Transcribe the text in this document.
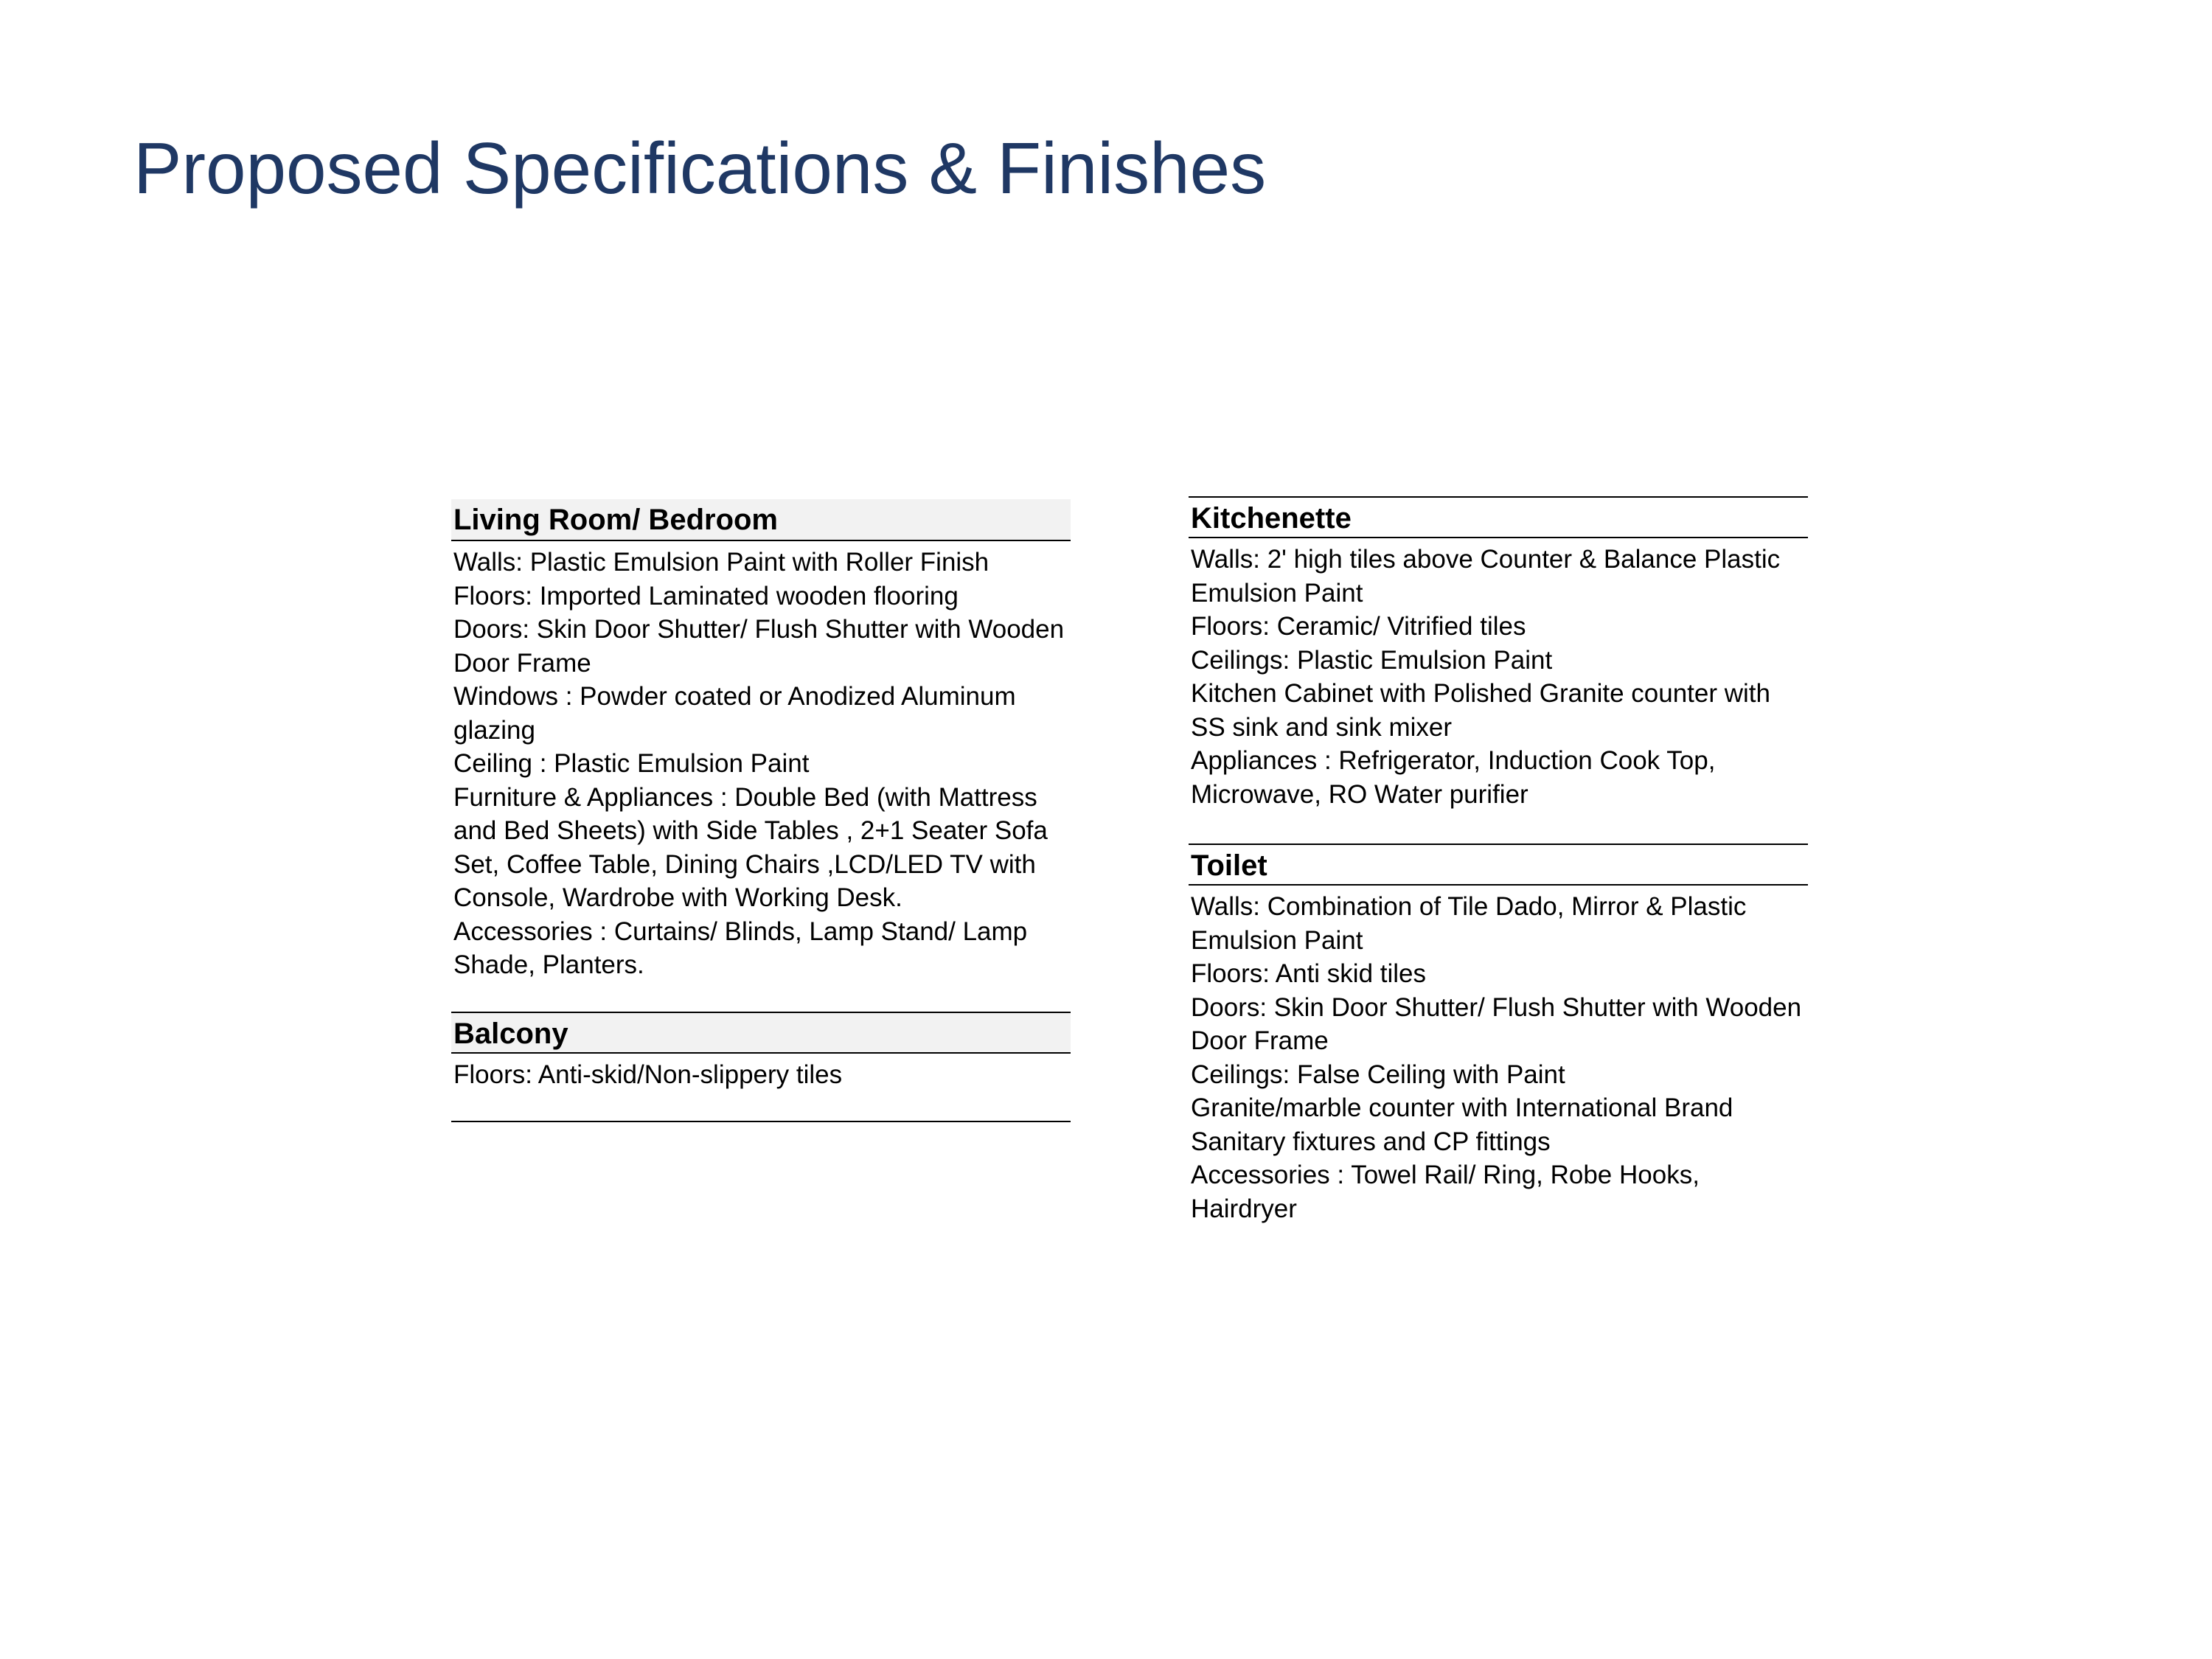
Proposed Specifications & Finishes
Living Room/ Bedroom

Walls: Plastic Emulsion Paint with Roller Finish

Floors: Imported Laminated wooden flooring

Doors: Skin Door Shutter/ Flush Shutter with Wooden Door Frame

Windows : Powder coated or Anodized Aluminum glazing

Ceiling : Plastic Emulsion Paint

Furniture & Appliances : Double Bed (with Mattress and Bed Sheets) with Side Tables , 2+1 Seater Sofa Set, Coffee Table, Dining Chairs ,LCD/LED TV with Console, Wardrobe with Working Desk.

Accessories : Curtains/ Blinds, Lamp Stand/ Lamp Shade, Planters.

Balcony

Floors: Anti-skid/Non-slippery tiles

Kitchenette

Walls: 2' high tiles above Counter & Balance Plastic Emulsion Paint

Floors: Ceramic/ Vitrified tiles

Ceilings: Plastic Emulsion Paint

Kitchen Cabinet with Polished Granite counter with SS sink and sink mixer

Appliances : Refrigerator, Induction Cook Top, Microwave, RO Water purifier

Toilet

Walls: Combination of Tile Dado, Mirror & Plastic Emulsion Paint

Floors: Anti skid tiles

Doors: Skin Door Shutter/ Flush Shutter with Wooden Door Frame

Ceilings: False Ceiling with Paint

Granite/marble counter with International Brand Sanitary fixtures and CP fittings

Accessories : Towel Rail/ Ring, Robe Hooks, Hairdryer
